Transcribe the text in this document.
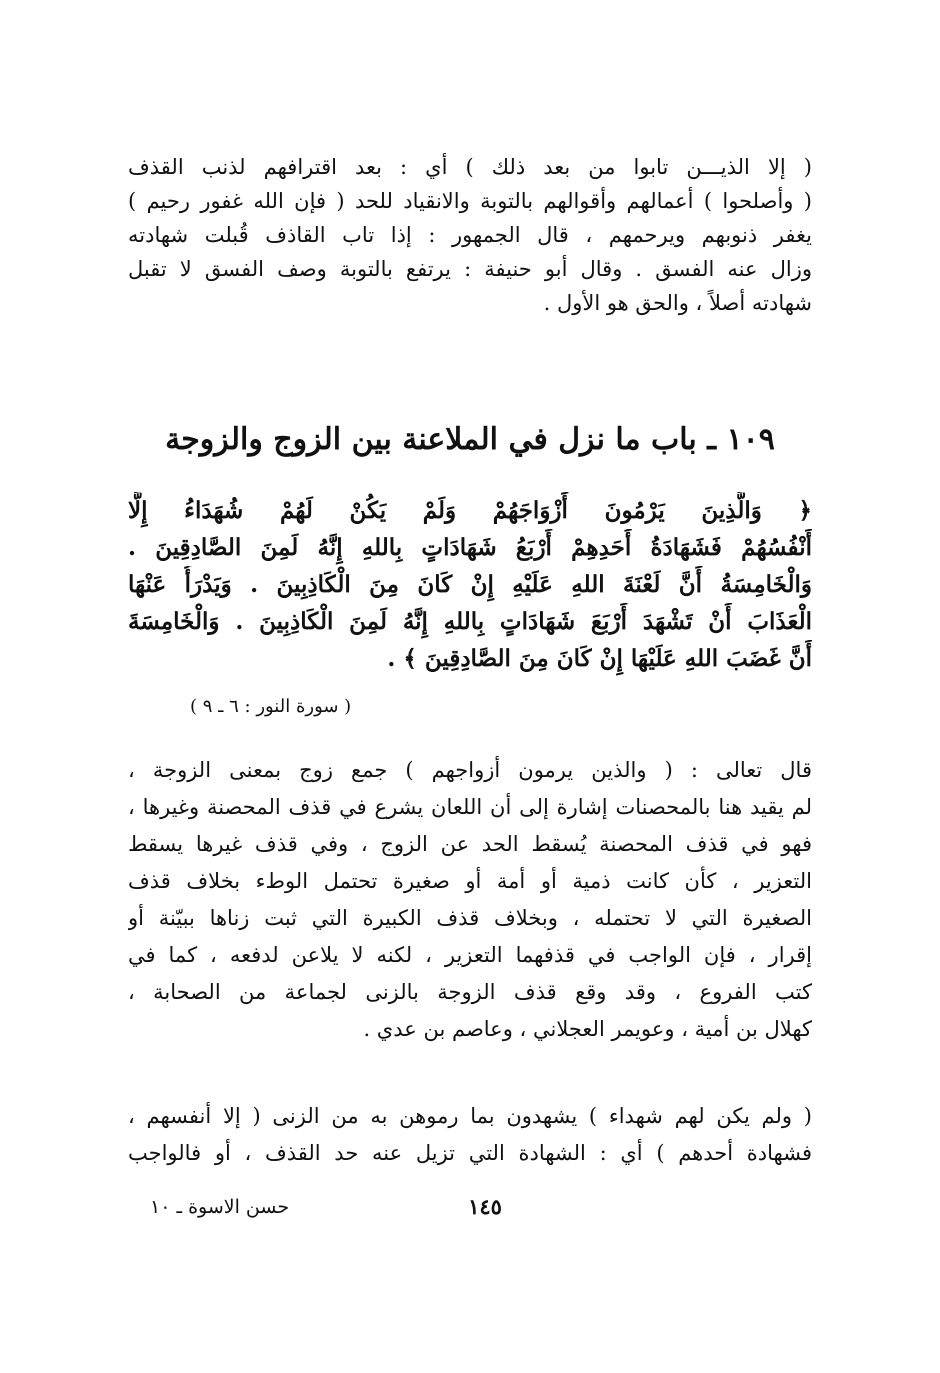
( إلا الذيـــن تابوا من بعد ذلك ) أي : بعد اقترافهم لذنب القذف
( وأصلحوا ) أعمالهم وأقوالهم بالتوبة والانقياد للحد ( فإن الله غفور رحيم )
يغفر ذنوبهم ويرحمهم ، قال الجمهور : إذا تاب القاذف قُبلت شهادته
وزال عنه الفسق . وقال أبو حنيفة : يرتفع بالتوبة وصف الفسق لا تقبل
شهادته أصلاً ، والحق هو الأول .
١٠٩ ـ باب ما نزل في الملاعنة بين الزوج والزوجة
﴿ وَالَّذِينَ يَرْمُونَ أَزْوَاجَهُمْ وَلَمْ يَكُنْ لَهُمْ شُهَدَاءُ إِلَّا
أَنْفُسُهُمْ فَشَهَادَةُ أَحَدِهِمْ أَرْبَعُ شَهَادَاتٍ بِاللهِ إِنَّهُ لَمِنَ الصَّادِقِينَ .
وَالْخَامِسَةُ أَنَّ لَعْنَةَ اللهِ عَلَيْهِ إِنْ كَانَ مِنَ الْكَاذِبِينَ . وَيَدْرَأُ عَنْهَا
الْعَذَابَ أَنْ تَشْهَدَ أَرْبَعَ شَهَادَاتٍ بِاللهِ إِنَّهُ لَمِنَ الْكَاذِبِينَ . وَالْخَامِسَةَ
أَنَّ غَضَبَ اللهِ عَلَيْهَا إِنْ كَانَ مِنَ الصَّادِقِينَ ﴾ .
( سورة النور : ٦ ـ ٩ )
قال تعالى : ( والذين يرمون أزواجهم ) جمع زوج بمعنى الزوجة ،
لم يقيد هنا بالمحصنات إشارة إلى أن اللعان يشرع في قذف المحصنة وغيرها ،
فهو في قذف المحصنة يُسقط الحد عن الزوج ، وفي قذف غيرها يسقط
التعزير ، كأن كانت ذمية أو أمة أو صغيرة تحتمل الوطء بخلاف قذف
الصغيرة التي لا تحتمله ، وبخلاف قذف الكبيرة التي ثبت زناها ببيّنة أو
إقرار ، فإن الواجب في قذفهما التعزير ، لكنه لا يلاعن لدفعه ، كما في
كتب الفروع ، وقد وقع قذف الزوجة بالزنى لجماعة من الصحابة ،
كهلال بن أمية ، وعويمر العجلاني ، وعاصم بن عدي .
( ولم يكن لهم شهداء ) يشهدون بما رموهن به من الزنى ( إلا أنفسهم ،
فشهادة أحدهم ) أي : الشهادة التي تزيل عنه حد القذف ، أو فالواجب
١٤٥
حسن الاسوة ـ ١٠
